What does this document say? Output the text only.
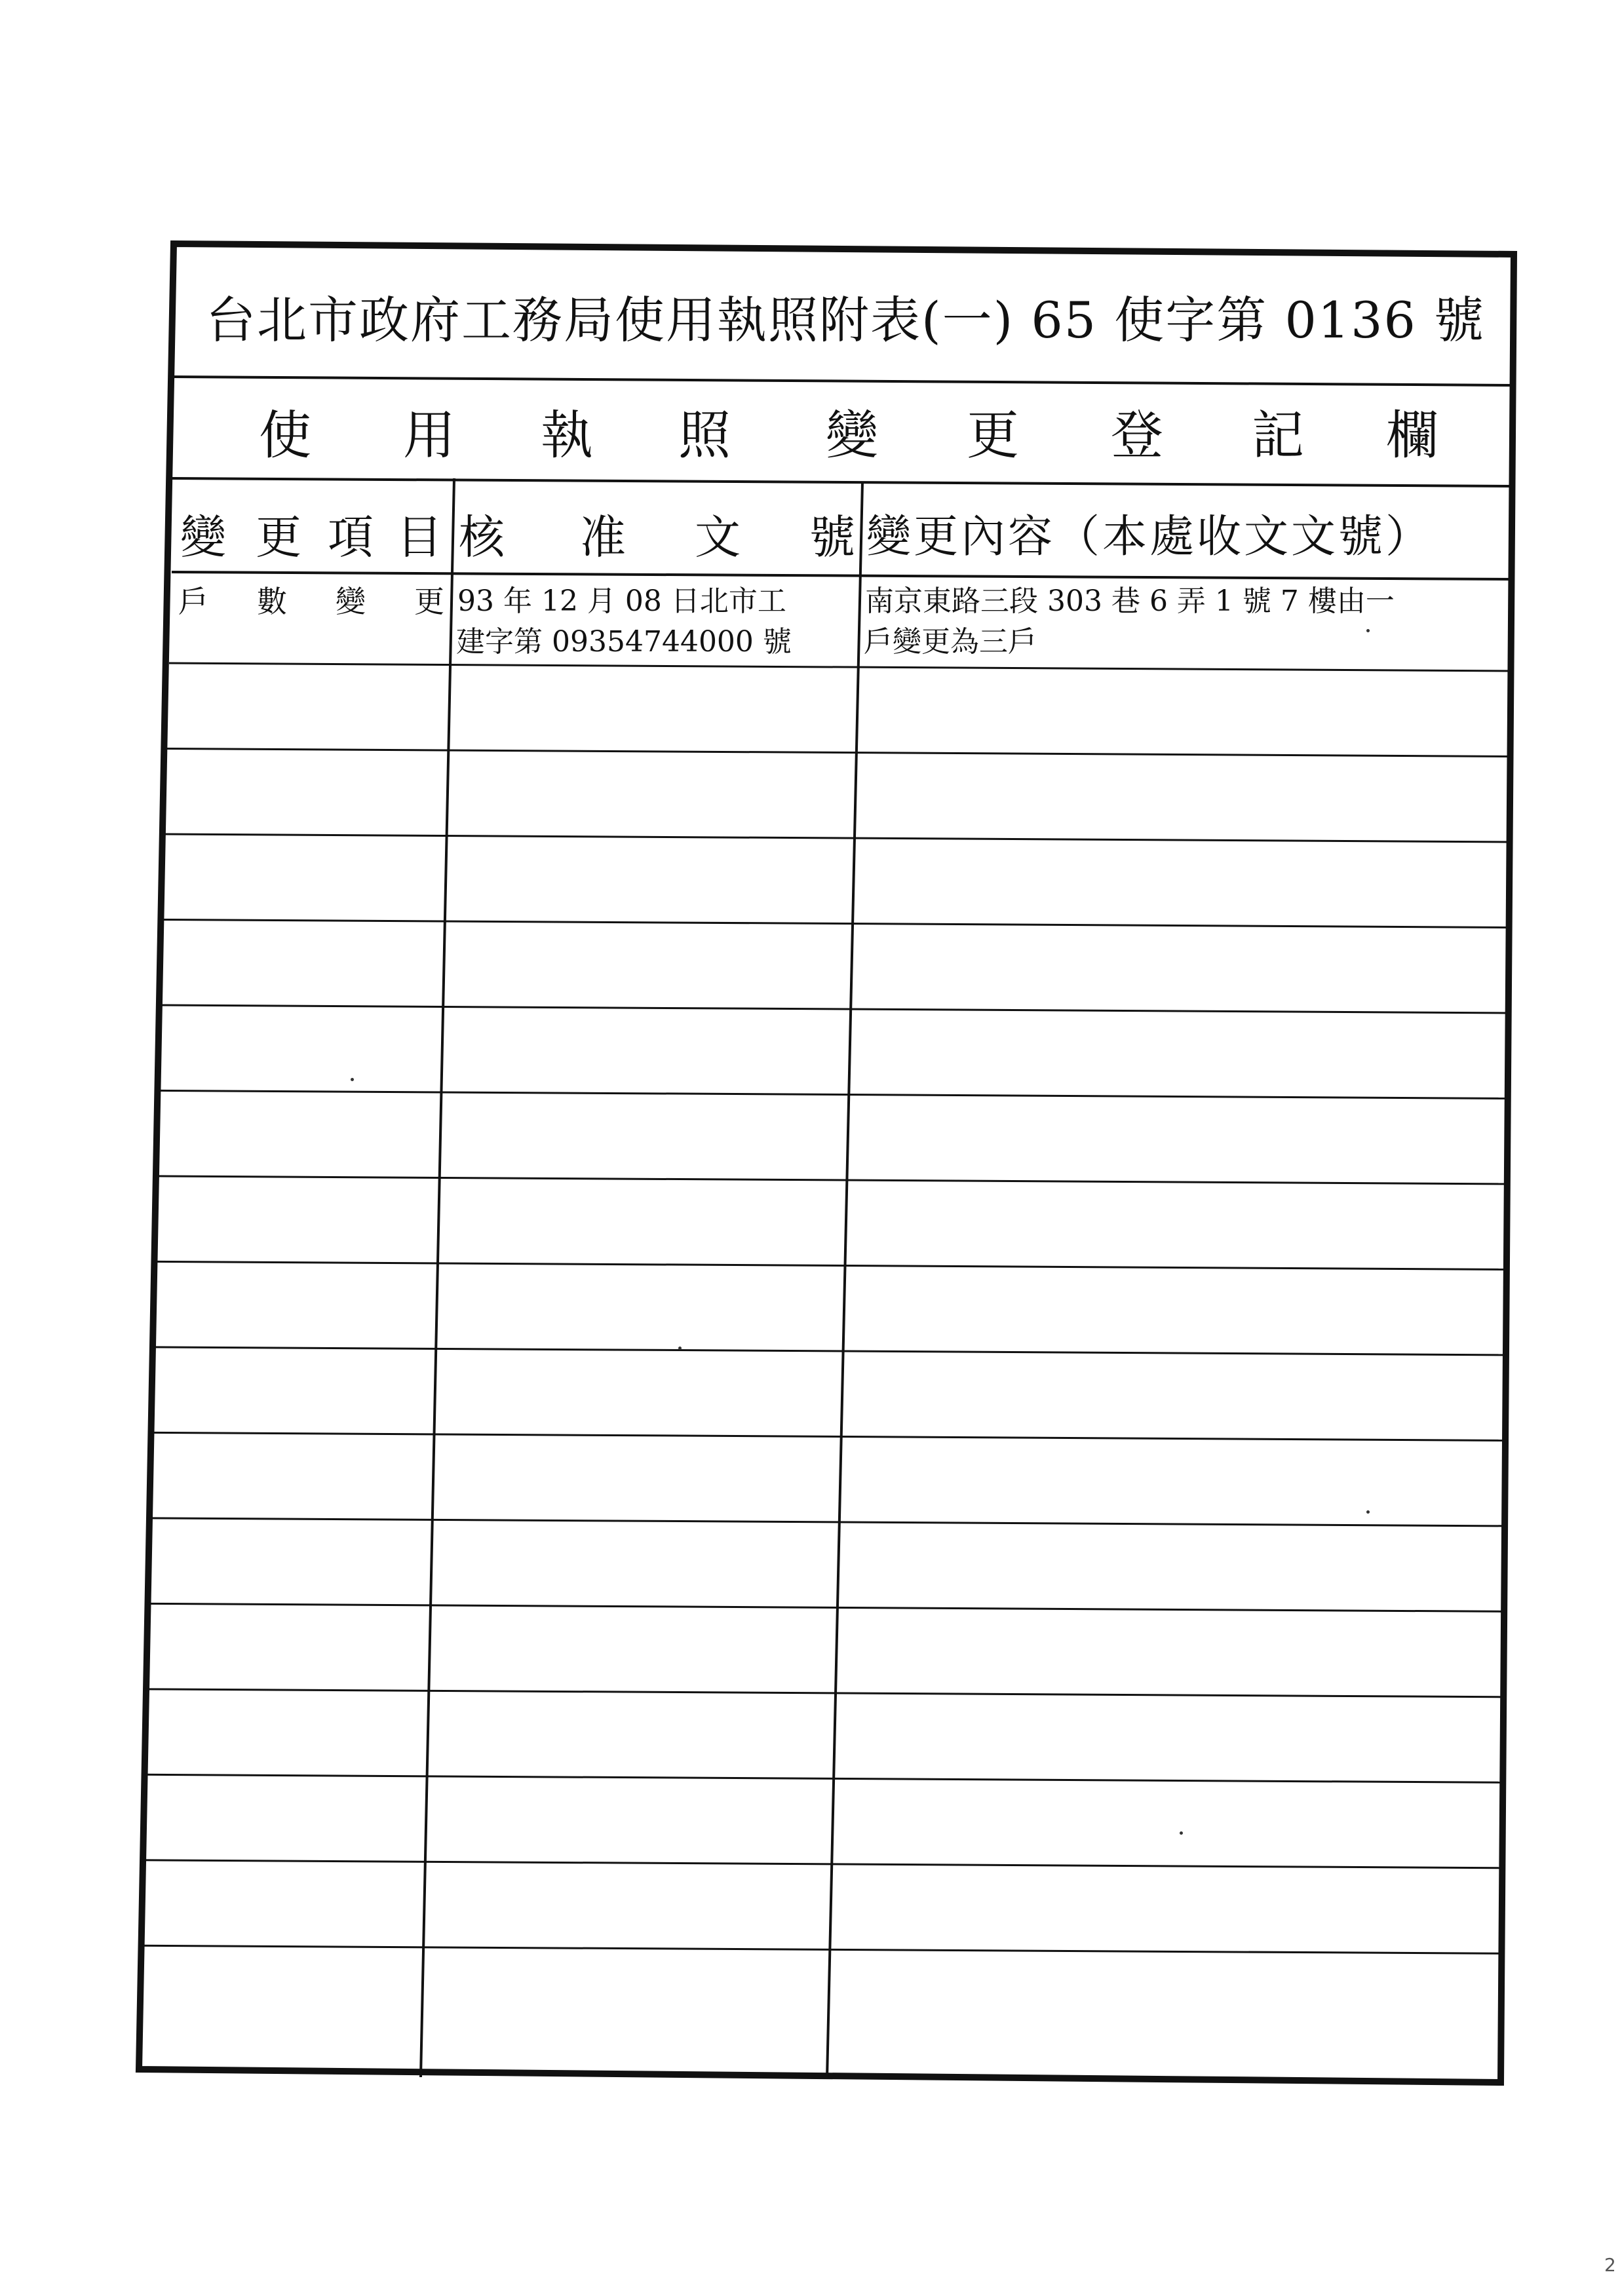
台北市政府工務局使用執照附表(一) 65 使字第 0136 號
使 用 執 照 變 更 登 記 欄
變 更 項 目 核 准 文 號 變更內容（本處收文文號）
戶 數 變 更 93 年 12 月 08 日北市工
建字第 09354744000 號
南京東路三段 303 巷 6 弄 1 號 7 樓由一
戶變更為三戶
2
